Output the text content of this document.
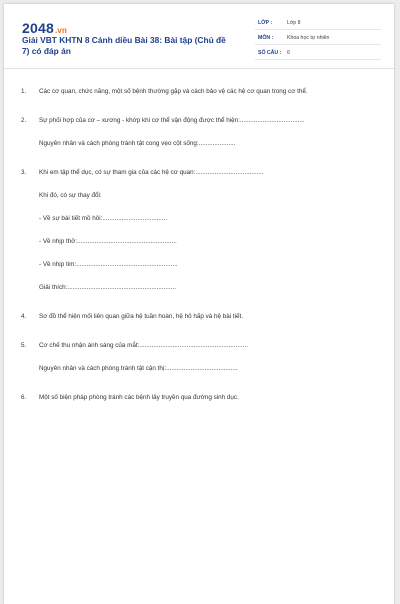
2048.vn
Giải VBT KHTN 8 Cánh diều Bài 38: Bài tập (Chủ đề 7) có đáp án
LỚP :	Lớp 8
MÔN :	Khoa học tự nhiên
SỐ CÂU : 6
1. Các cơ quan, chức năng, một số bệnh thường gặp và cách bảo vệ các hệ cơ quan trong cơ thể.
2. Sự phối hợp của cơ – xương - khớp khi cơ thể vận động được thể hiện:.....................................
Nguyên nhân và cách phòng tránh tật cong vẹo cột sống:.....................
3. Khi em tập thể dục, có sự tham gia của các hệ cơ quan:.......................................
Khi đó, có sự thay đổi:
- Về sự bài tiết mồ hôi:.....................................
- Về nhịp thở:.........................................................
- Về nhịp tim:..........................................................
Giải thích:..............................................................
4. Sơ đồ thể hiện mối liên quan giữa hệ tuần hoàn, hệ hô hấp và hệ bài tiết.
5. Cơ chế thu nhận ánh sáng của mắt:..............................................................
Nguyên nhân và cách phòng tránh tật cận thị:.........................................
6. Một số biện pháp phòng tránh các bệnh lây truyền qua đường sinh dục.
